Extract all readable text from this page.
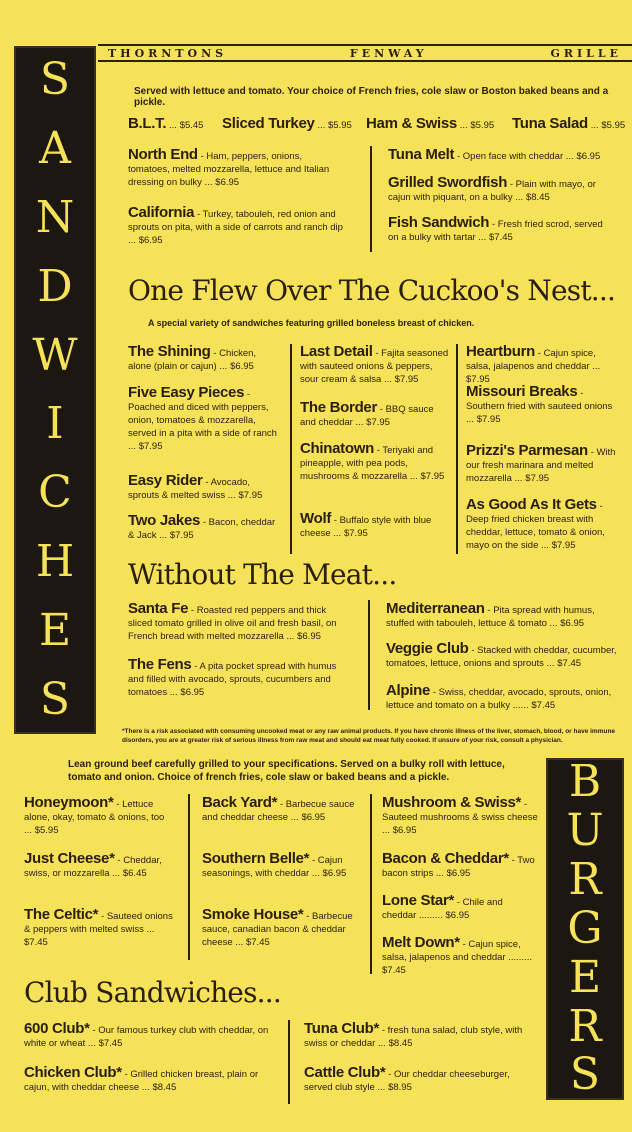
S
A
N
D
W
I
C
H
E
S
B
U
R
G
E
R
S
THORNTONS	FENWAY	GRILLE
Served with lettuce and tomato. Your choice of French fries, cole slaw or Boston baked beans and a pickle.
B.L.T. ... $5.45 Sliced Turkey ... $5.95 Ham & Swiss ... $5.95 Tuna Salad ... $5.95
North End - Ham, peppers, onions, tomatoes, melted mozzarella, lettuce and Italian dressing on bulky ... $6.95
California - Turkey, tabouleh, red onion and sprouts on pita, with a side of carrots and ranch dip ... $6.95
Tuna Melt - Open face with cheddar ... $6.95
Grilled Swordfish - Plain with mayo, or cajun with piquant, on a bulky ... $8.45
Fish Sandwich - Fresh fried scrod, served on a bulky with tartar ... $7.45
One Flew Over The Cuckoo's Nest...
A special variety of sandwiches featuring grilled boneless breast of chicken.
The Shining - Chicken, alone (plain or cajun) ... $6.95
Five Easy Pieces - Poached and diced with peppers, onion, tomatoes & mozzarella, served in a pita with a side of ranch ... $7.95
Easy Rider - Avocado, sprouts & melted swiss ... $7.95
Two Jakes - Bacon, cheddar & Jack ... $7.95
Last Detail - Fajita seasoned with sauteed onions & peppers, sour cream & salsa ... $7.95
The Border - BBQ sauce and cheddar ... $7.95
Chinatown - Teriyaki and pineapple, with pea pods, mushrooms & mozzarella ... $7.95
Wolf - Buffalo style with blue cheese ... $7.95
Heartburn - Cajun spice, salsa, jalapenos and cheddar ... $7.95
Missouri Breaks - Southern fried with sauteed onions ... $7.95
Prizzi's Parmesan - With our fresh marinara and melted mozzarella ... $7.95
As Good As It Gets - Deep fried chicken breast with cheddar, lettuce, tomato & onion, mayo on the side ... $7.95
Without The Meat...
Santa Fe - Roasted red peppers and thick sliced tomato grilled in olive oil and fresh basil, on French bread with melted mozzarella ... $6.95
The Fens - A pita pocket spread with humus and filled with avocado, sprouts, cucumbers and tomatoes ... $6.95
Mediterranean - Pita spread with humus, stuffed with tabouleh, lettuce & tomato ... $6.95
Veggie Club - Stacked with cheddar, cucumber, tomatoes, lettuce, onions and sprouts ... $7.45
Alpine - Swiss, cheddar, avocado, sprouts, onion, lettuce and tomato on a bulky ...... $7.45
*There is a risk associated with consuming uncooked meat or any raw animal products. If you have chronic illness of the liver, stomach, blood, or have immune disorders, you are at greater risk of serious illness from raw meat and should eat meat fully cooked. If unsure of your risk, consult a physician.
Lean ground beef carefully grilled to your specifications. Served on a bulky roll with lettuce, tomato and onion. Choice of french fries, cole slaw or baked beans and a pickle.
Honeymoon* - Lettuce alone, okay, tomato & onions, too ... $5.95
Just Cheese* - Cheddar, swiss, or mozzarella ... $6.45
The Celtic* - Sauteed onions & peppers with melted swiss ... $7.45
Back Yard* - Barbecue sauce and cheddar cheese ... $6.95
Southern Belle* - Cajun seasonings, with cheddar ... $6.95
Smoke House* - Barbecue sauce, canadian bacon & cheddar cheese ... $7.45
Mushroom & Swiss* - Sauteed mushrooms & swiss cheese ... $6.95
Bacon & Cheddar* - Two bacon strips ... $6.95
Lone Star* - Chile and cheddar ......... $6.95
Melt Down* - Cajun spice, salsa, jalapenos and cheddar ......... $7.45
Club Sandwiches...
600 Club* - Our famous turkey club with cheddar, on white or wheat ... $7.45
Chicken Club* - Grilled chicken breast, plain or cajun, with cheddar cheese ... $8.45
Tuna Club* - fresh tuna salad, club style, with swiss or cheddar ... $8.45
Cattle Club* - Our cheddar cheeseburger, served club style ... $8.95
